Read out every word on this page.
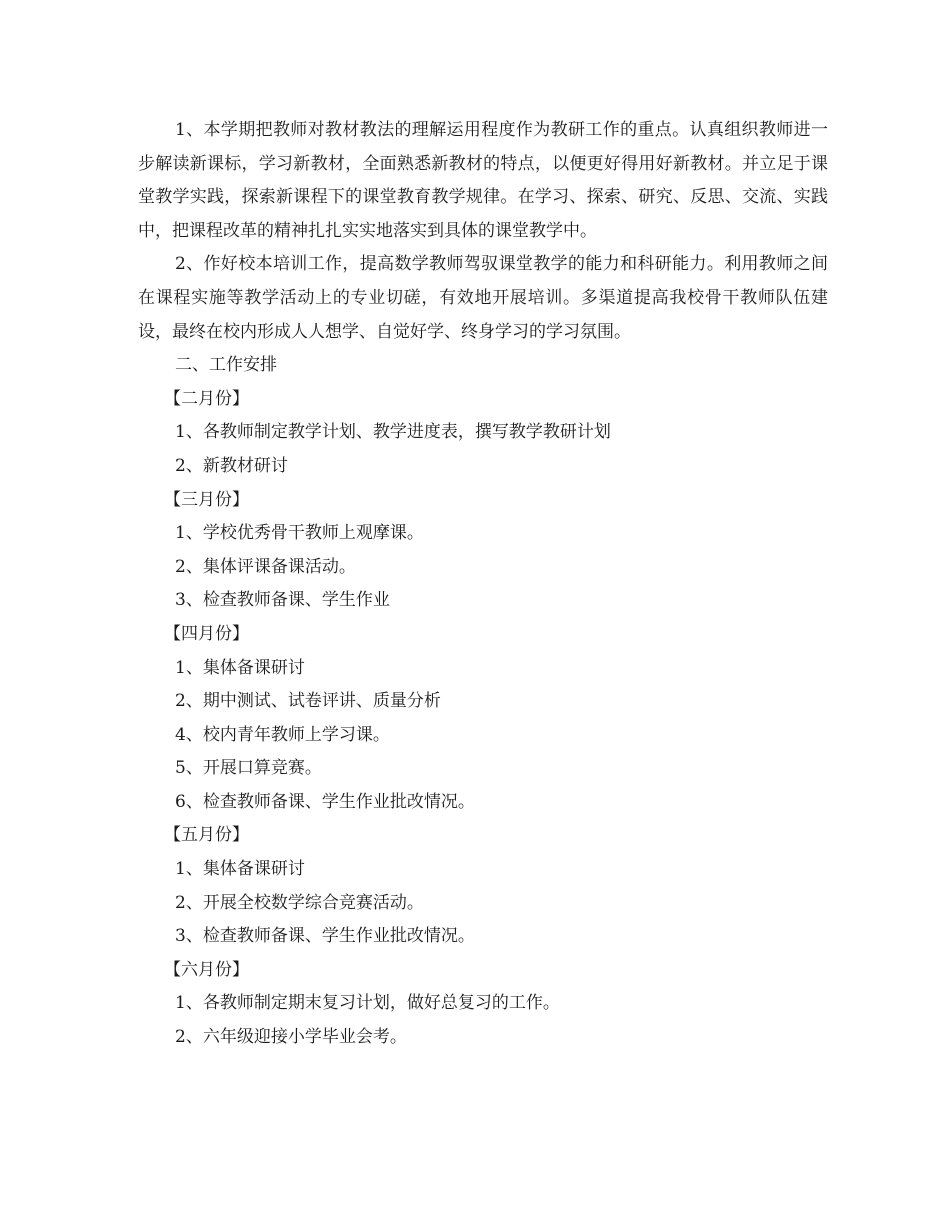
1、本学期把教师对教材教法的理解运用程度作为教研工作的重点。认真组织教师进一步解读新课标，学习新教材，全面熟悉新教材的特点，以便更好得用好新教材。并立足于课堂教学实践，探索新课程下的课堂教育教学规律。在学习、探索、研究、反思、交流、实践中，把课程改革的精神扎扎实实地落实到具体的课堂教学中。

2、作好校本培训工作，提高数学教师驾驭课堂教学的能力和科研能力。利用教师之间在课程实施等教学活动上的专业切磋，有效地开展培训。多渠道提高我校骨干教师队伍建设，最终在校内形成人人想学、自觉好学、终身学习的学习氛围。

二、工作安排

【二月份】

1、各教师制定教学计划、教学进度表，撰写教学教研计划

2、新教材研讨

【三月份】

1、学校优秀骨干教师上观摩课。

2、集体评课备课活动。

3、检查教师备课、学生作业

【四月份】

1、集体备课研讨

2、期中测试、试卷评讲、质量分析

4、校内青年教师上学习课。

5、开展口算竞赛。

6、检查教师备课、学生作业批改情况。

【五月份】

1、集体备课研讨

2、开展全校数学综合竞赛活动。

3、检查教师备课、学生作业批改情况。

【六月份】

1、各教师制定期末复习计划，做好总复习的工作。

2、六年级迎接小学毕业会考。
